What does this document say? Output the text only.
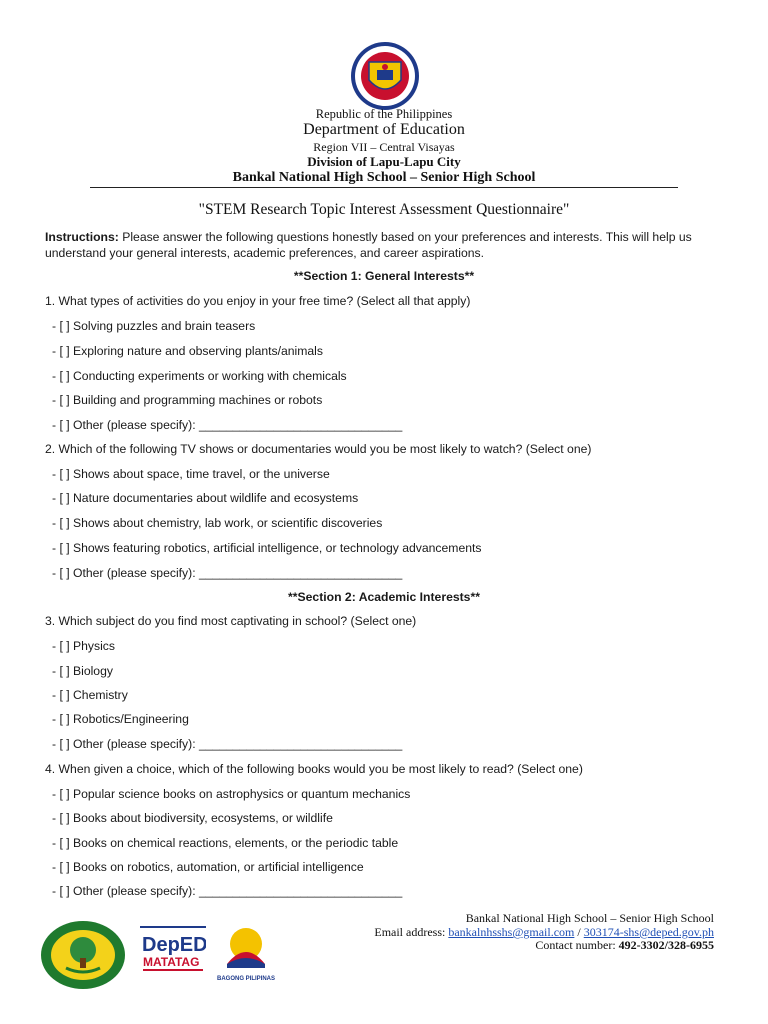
Republic of the Philippines
Department of Education
Region VII – Central Visayas
Division of Lapu-Lapu City
Bankal National High School – Senior High School
"STEM Research Topic Interest Assessment Questionnaire"
Instructions: Please answer the following questions honestly based on your preferences and interests. This will help us understand your general interests, academic preferences, and career aspirations.
**Section 1: General Interests**
1. What types of activities do you enjoy in your free time? (Select all that apply)
- [ ] Solving puzzles and brain teasers
- [ ] Exploring nature and observing plants/animals
- [ ] Conducting experiments or working with chemicals
- [ ] Building and programming machines or robots
- [ ] Other (please specify): ______________________________
2. Which of the following TV shows or documentaries would you be most likely to watch? (Select one)
- [ ] Shows about space, time travel, or the universe
- [ ] Nature documentaries about wildlife and ecosystems
- [ ] Shows about chemistry, lab work, or scientific discoveries
- [ ] Shows featuring robotics, artificial intelligence, or technology advancements
- [ ] Other (please specify): ______________________________
**Section 2: Academic Interests**
3. Which subject do you find most captivating in school? (Select one)
- [ ] Physics
- [ ] Biology
- [ ] Chemistry
- [ ] Robotics/Engineering
- [ ] Other (please specify): ______________________________
4. When given a choice, which of the following books would you be most likely to read? (Select one)
- [ ] Popular science books on astrophysics or quantum mechanics
- [ ] Books about biodiversity, ecosystems, or wildlife
- [ ] Books on chemical reactions, elements, or the periodic table
- [ ] Books on robotics, automation, or artificial intelligence
- [ ] Other (please specify): ______________________________
DepED
MATATAG
BAGONG PILIPINAS
Bankal National High School – Senior High School
Email address: bankalnhsshs@gmail.com / 303174-shs@deped.gov.ph
Contact number: 492-3302/328-6955
